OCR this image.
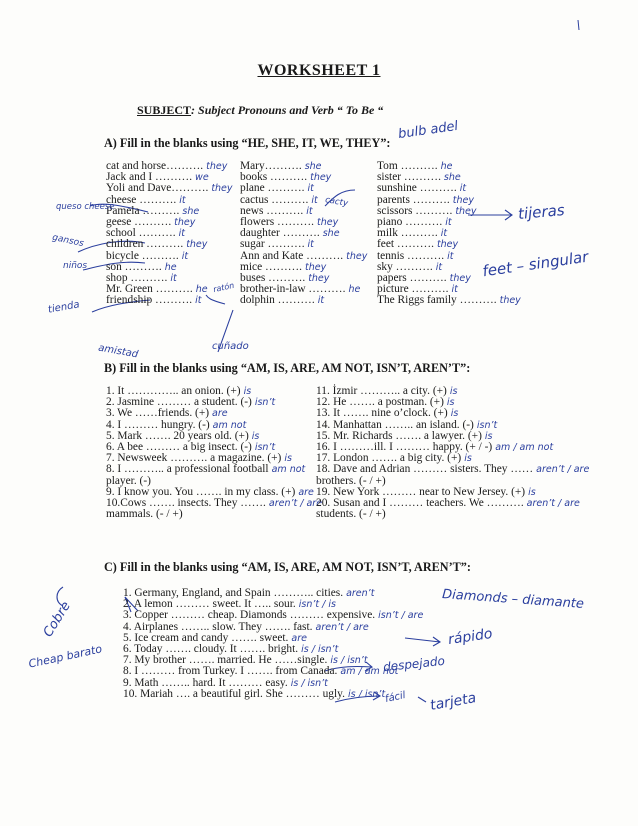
WORKSHEET 1
SUBJECT: Subject Pronouns and Verb “ To Be “
A) Fill in the blanks using “HE, SHE, IT, WE, THEY”:
cat and horse………. they
Jack and I ………. we
Yoli and Dave………. they
cheese ………. it
Pamela ………. she
geese ………. they
school ………. it
children ………. they
bicycle ………. it
son ………. he
shop ………. it
Mr. Green ………. he
friendship ………. it
Mary………. she
books ………. they
plane ………. it
cactus ………. it
news ………. it
flowers ………. they
daughter ………. she
sugar ………. it
Ann and Kate ………. they
mice ………. they
buses ………. they
brother-in-law ………. he
dolphin ………. it
Tom ………. he
sister ………. she
sunshine ………. it
parents ………. they
scissors ………. they
piano ………. it
milk ………. it
feet ………. they
tennis ………. it
sky ………. it
papers ………. they
picture ………. it
The Riggs family ………. they
bulb adel
queso cheese
gansos
niños
tienda
amistad
ratón
cuñado
cacty	tijeras
feet – singular
B) Fill in the blanks using “AM, IS, ARE, AM NOT, ISN’T, AREN’T”:
1. It ………….. an onion. (+) is
2. Jasmine ……… a student. (-) isn’t
3. We ……friends. (+) are
4. I ……… hungry. (-) am not
5. Mark ……. 20 years old. (+) is
6. A bee ……… a big insect. (-) isn’t
7. Newsweek ………. a magazine. (+) is
8. I ……….. a professional football am not
player. (-)
9. I know you. You ……. in my class. (+) are
10.Cows ……. insects. They ……. aren’t / are
mammals. (- / +)
11. İzmir ……….. a city. (+) is
12. He ……. a postman. (+) is
13. It ……. nine o’clock. (+) is
14. Manhattan …….. an island. (-) isn’t
15. Mr. Richards ……. a lawyer. (+) is
16. I ………ill. I ……… happy. (+ / -) am / am not
17. London ……. a big city. (+) is
18. Dave and Adrian ……… sisters. They …… aren’t / are
brothers. (- / +)
19. New York ……… near to New Jersey. (+) is
20. Susan and I ……… teachers. We ………. aren’t / are
students. (- / +)
C) Fill in the blanks using “AM, IS, ARE, AM NOT, ISN’T, AREN’T”:
1. Germany, England, and Spain ……….. cities. aren’t
2. A lemon ……… sweet. It ….. sour. isn’t / is
3. Copper ……… cheap. Diamonds ……… expensive. isn’t / are
4. Airplanes …….. slow. They ……. fast. aren’t / are
5. Ice cream and candy ……. sweet. are
6. Today ……. cloudy. It ……. bright. is / isn’t
7. My brother ……. married. He ……single. is / isn’t
8. I ……… from Turkey. I ……. from Canada. am / am not
9. Math …….. hard. It ……… easy. is / isn’t
10. Mariah …. a beautiful girl. She ……… ugly. is / isn’t
Diamonds – diamante
Cobre
Cheap barato
rápido
despejado
fácil tarjeta
